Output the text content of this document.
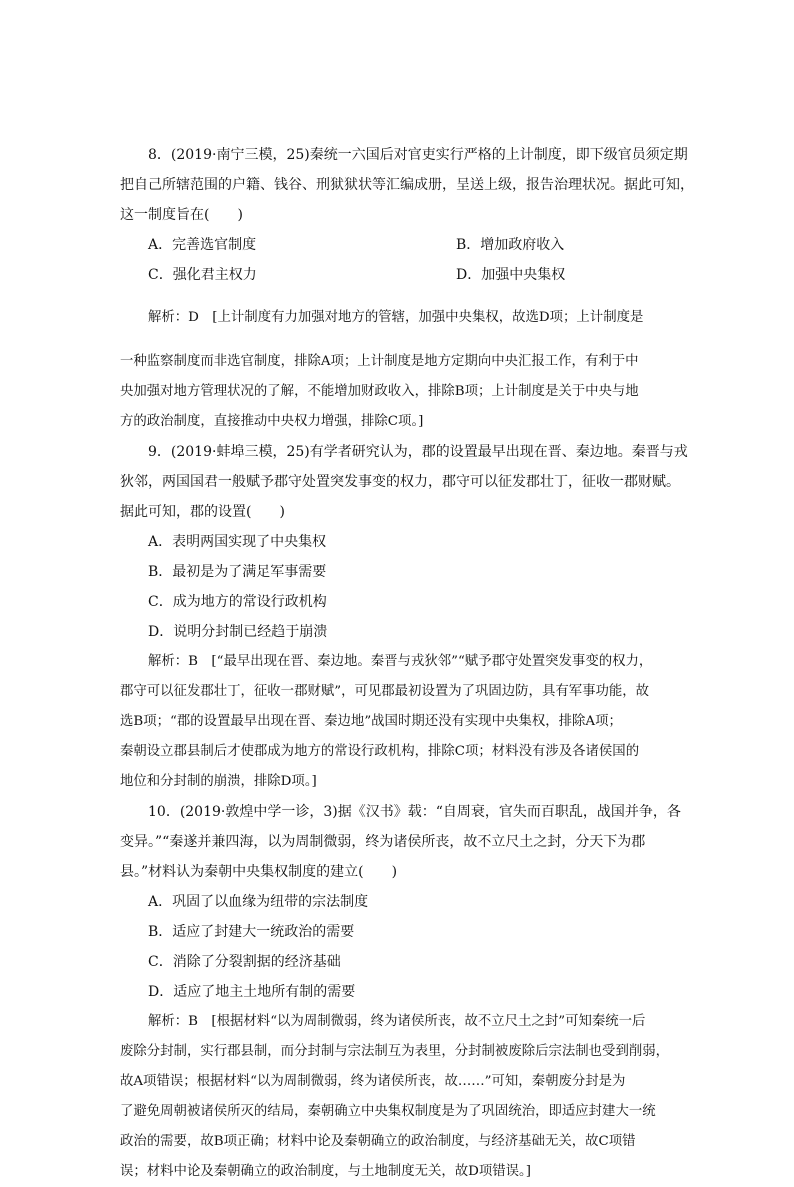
8．(2019·南宁三模，25)秦统一六国后对官吏实行严格的上计制度，即下级官员须定期

把自己所辖范围的户籍、钱谷、刑狱狱状等汇编成册，呈送上级，报告治理状况。据此可知，

这一制度旨在(　　)

A．完善选官制度	B．增加政府收入
C．强化君主权力	D．加强中央集权

解析：D　[上计制度有力加强对地方的管辖，加强中央集权，故选D项；上计制度是

一种监察制度而非选官制度，排除A项；上计制度是地方定期向中央汇报工作，有利于中

央加强对地方管理状况的了解，不能增加财政收入，排除B项；上计制度是关于中央与地

方的政治制度，直接推动中央权力增强，排除C项。]

9．(2019·蚌埠三模，25)有学者研究认为，郡的设置最早出现在晋、秦边地。秦晋与戎

狄邻，两国国君一般赋予郡守处置突发事变的权力，郡守可以征发郡壮丁，征收一郡财赋。

据此可知，郡的设置(　　)

A．表明两国实现了中央集权

B．最初是为了满足军事需要

C．成为地方的常设行政机构

D．说明分封制已经趋于崩溃

解析：B　[“最早出现在晋、秦边地。秦晋与戎狄邻”“赋予郡守处置突发事变的权力，

郡守可以征发郡壮丁，征收一郡财赋”，可见郡最初设置为了巩固边防，具有军事功能，故

选B项；“郡的设置最早出现在晋、秦边地”战国时期还没有实现中央集权，排除A项；

秦朝设立郡县制后才使郡成为地方的常设行政机构，排除C项；材料没有涉及各诸侯国的

地位和分封制的崩溃，排除D项。]

10．(2019·敦煌中学一诊，3)据《汉书》载：“自周衰，官失而百职乱，战国并争，各

变异。”“秦遂并兼四海，以为周制微弱，终为诸侯所丧，故不立尺土之封，分天下为郡

县。”材料认为秦朝中央集权制度的建立(　　)

A．巩固了以血缘为纽带的宗法制度

B．适应了封建大一统政治的需要

C．消除了分裂割据的经济基础

D．适应了地主土地所有制的需要

解析：B　[根据材料“以为周制微弱，终为诸侯所丧，故不立尺土之封”可知秦统一后

废除分封制，实行郡县制，而分封制与宗法制互为表里，分封制被废除后宗法制也受到削弱，

故A项错误；根据材料“以为周制微弱，终为诸侯所丧，故……”可知，秦朝废分封是为

了避免周朝被诸侯所灭的结局，秦朝确立中央集权制度是为了巩固统治，即适应封建大一统

政治的需要，故B项正确；材料中论及秦朝确立的政治制度，与经济基础无关，故C项错

误；材料中论及秦朝确立的政治制度，与土地制度无关，故D项错误。]
